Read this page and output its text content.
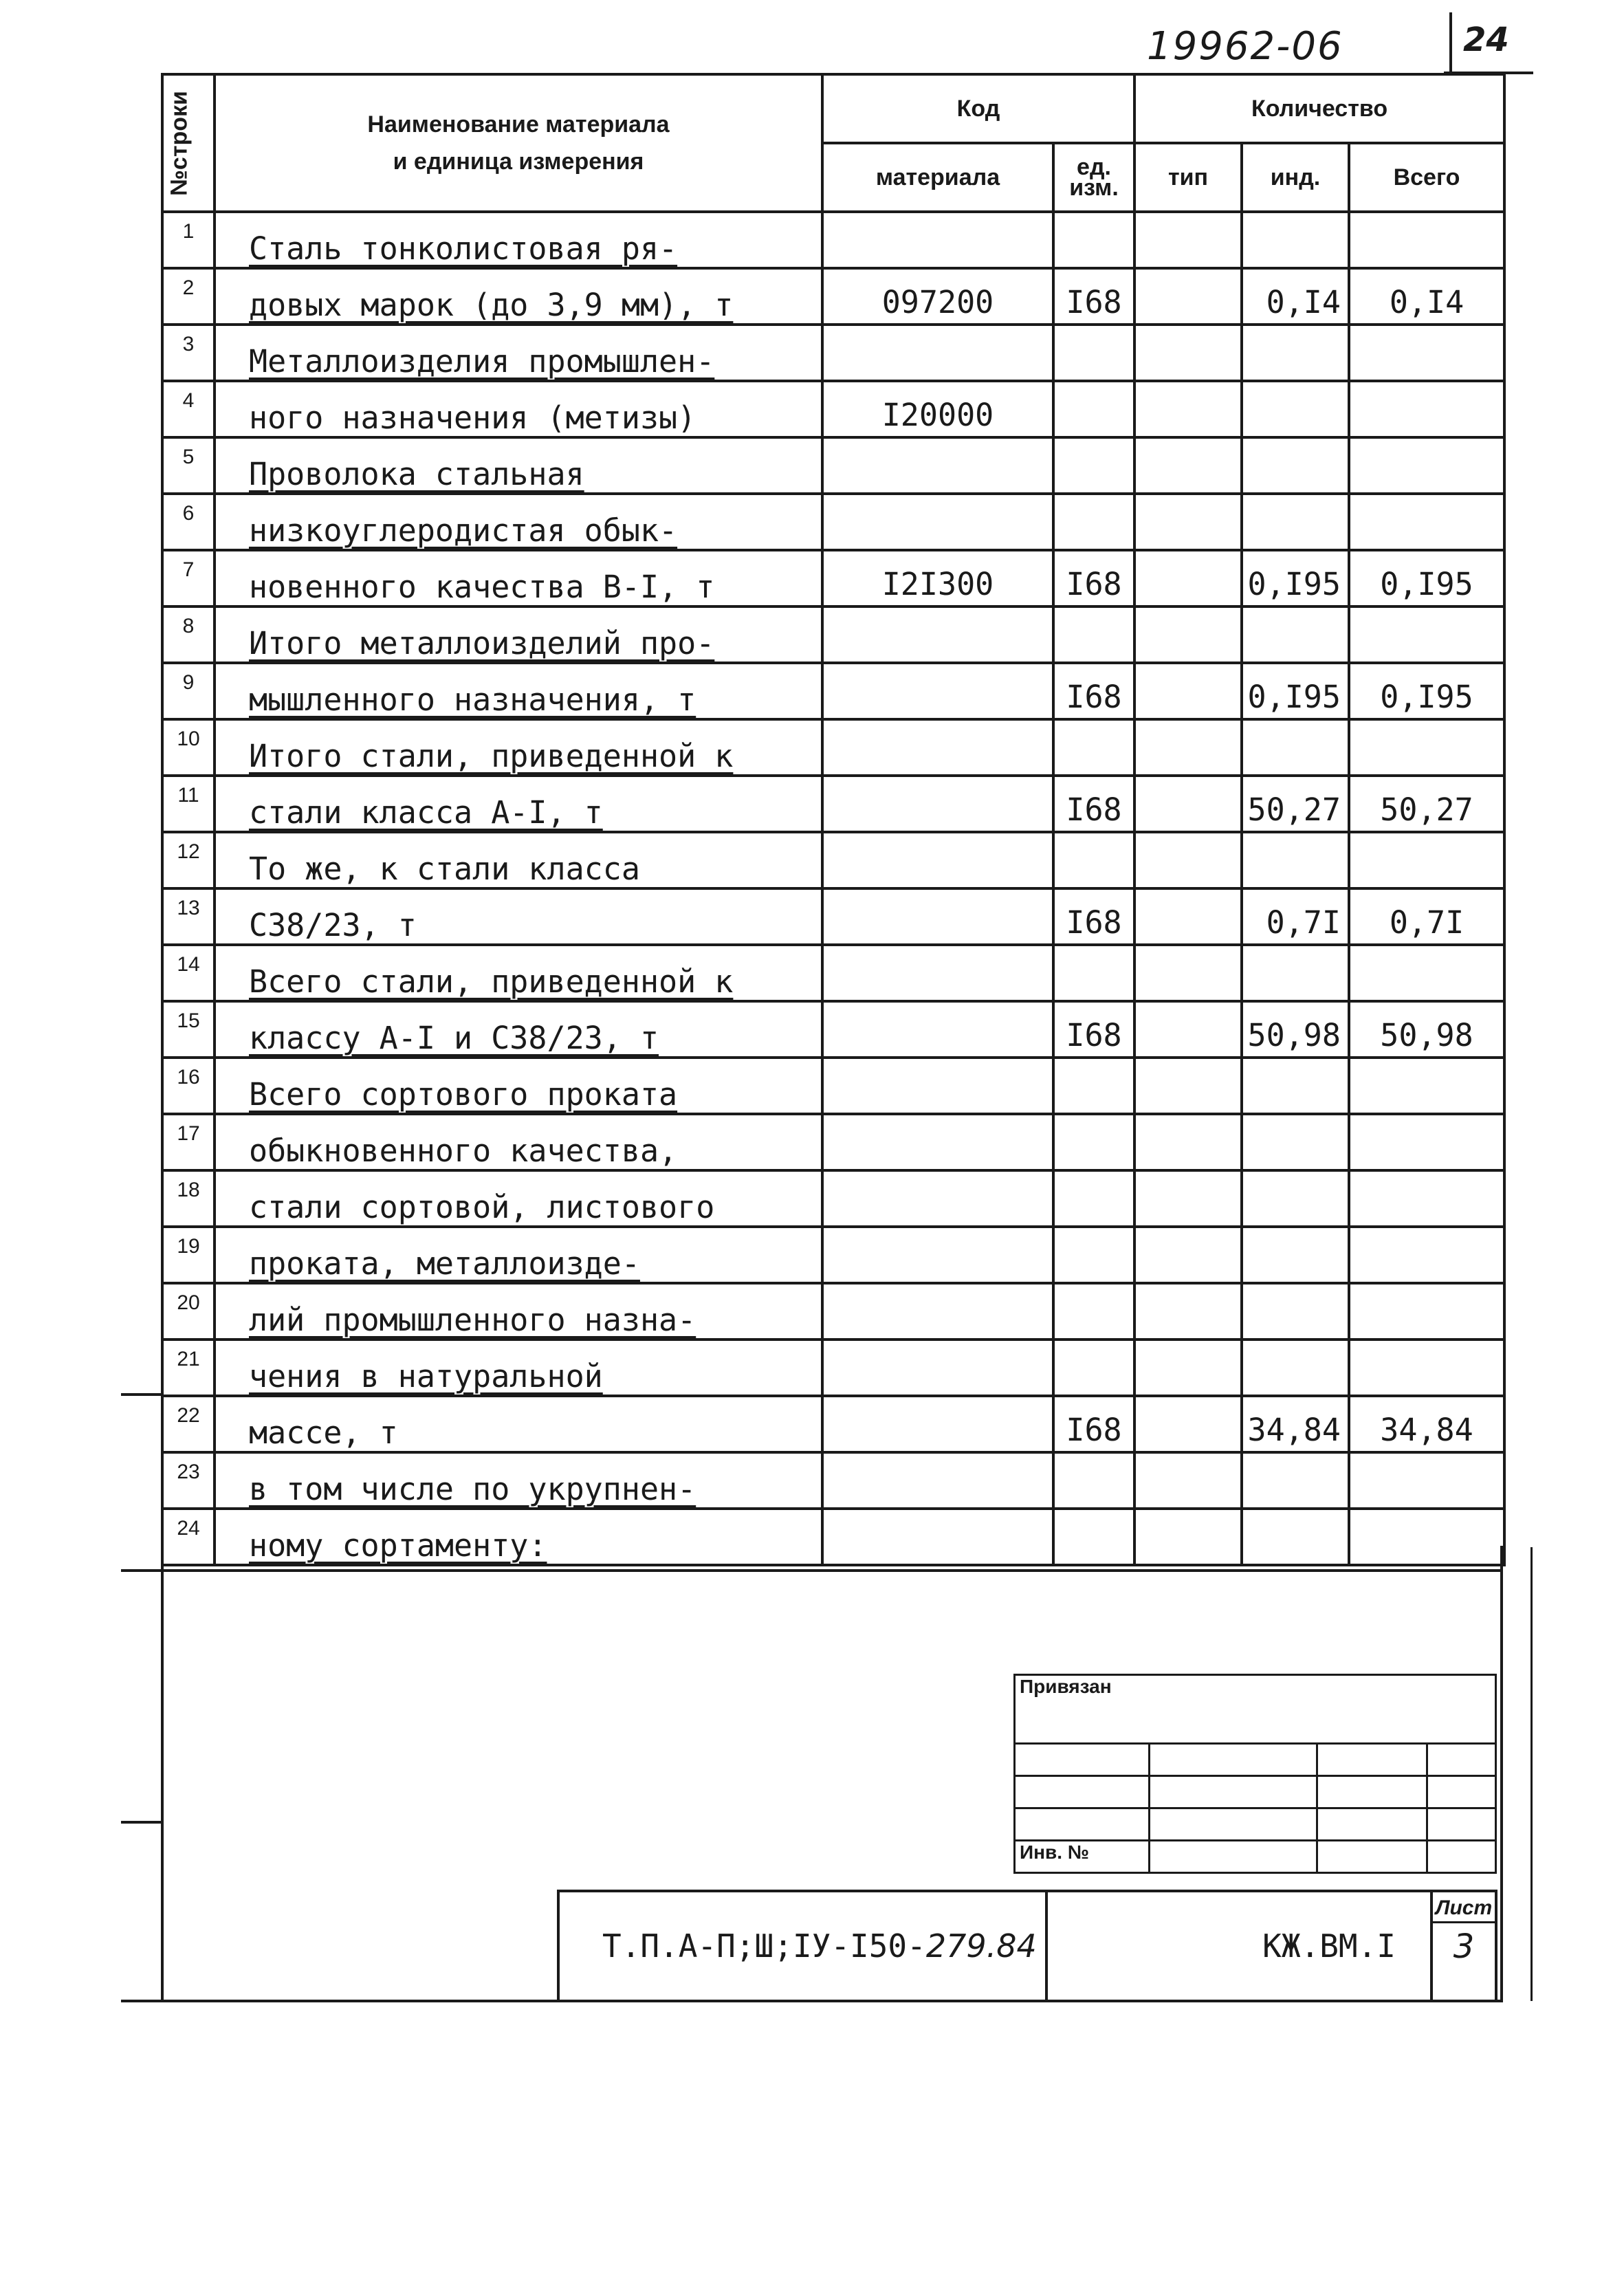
19962-06	24
№строки	Наименование материала
и единица измерения	Код		Количество		
		материала	ед.
изм.	тип	инд.	Всего
1	Сталь тонколистовая ря-					
2	довых марок (до 3,9 мм), т	097200	I68		0,I4	0,I4
3	Металлоизделия промышлен-					
4	ного назначения (метизы)	I20000				
5	Проволока стальная					
6	низкоуглеродистая обык-					
7	новенного качества В-I, т	I2I300	I68		0,I95	0,I95
8	Итого металлоизделий про-					
9	мышленного назначения, т		I68		0,I95	0,I95
10	Итого стали, приведенной к					
11	стали класса А-I, т		I68		50,27	50,27
12	То же, к стали класса					
13	С38/23, т		I68		0,7I	0,7I
14	Всего стали, приведенной к					
15	классу А-I и С38/23, т		I68		50,98	50,98
16	Всего сортового проката					
17	обыкновенного качества,					
18	стали сортовой, листового					
19	проката, металлоизде-					
20	лий промышленного назна-					
21	чения в натуральной					
22	массе, т		I68		34,84	34,84
23	в том числе по укрупнен-					
24	ному сортаменту:					
Привязан			

Инв. №			
Т.П.А-П;Ш;IУ-I50-279.84	КЖ.ВМ.I	
Лист
3
